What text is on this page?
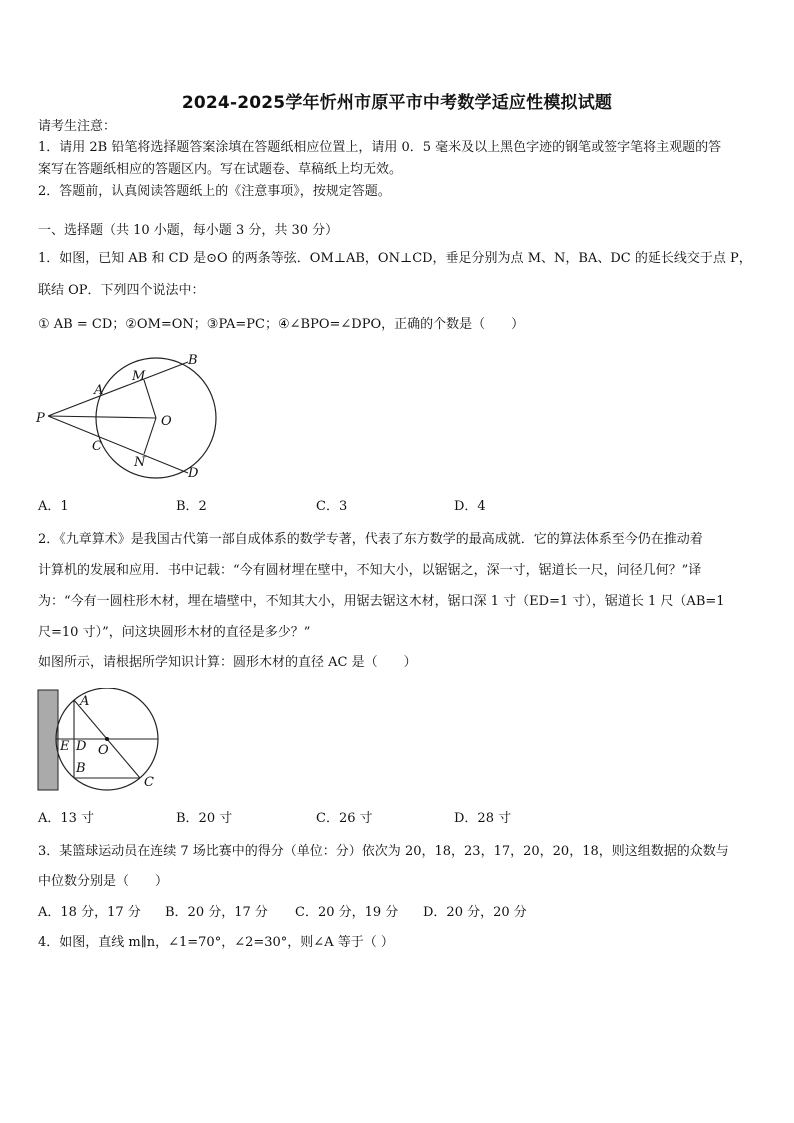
2024-2025学年忻州市原平市中考数学适应性模拟试题
请考生注意：
1．请用 2B 铅笔将选择题答案涂填在答题纸相应位置上，请用 0．5 毫米及以上黑色字迹的钢笔或签字笔将主观题的答
案写在答题纸相应的答题区内。写在试题卷、草稿纸上均无效。
2．答题前，认真阅读答题纸上的《注意事项》，按规定答题。
一、选择题（共 10 小题，每小题 3 分，共 30 分）
1．如图，已知 AB 和 CD 是⊙O 的两条等弦．OM⊥AB，ON⊥CD，垂足分别为点 M、N，BA、DC 的延长线交于点 P，
联结 OP．下列四个说法中：
① AB = CD；②OM=ON；③PA=PC；④∠BPO=∠DPO，正确的个数是（　　）
P
A
B
C
D
M
N
O
A．1	B．2	C．3	D．4
2．《九章算术》是我国古代第一部自成体系的数学专著，代表了东方数学的最高成就．它的算法体系至今仍在推动着
计算机的发展和应用．书中记载：“今有圆材埋在壁中，不知大小，以锯锯之，深一寸，锯道长一尺，问径几何？”译
为：“今有一圆柱形木材，埋在墙壁中，不知其大小，用锯去锯这木材，锯口深 1 寸（ED=1 寸），锯道长 1 尺（AB=1
尺=10 寸）”，问这块圆形木材的直径是多少？”
如图所示，请根据所学知识计算：圆形木材的直径 AC 是（　　）
A
E D O
B
C
A．13 寸	B．20 寸	C．26 寸	D．28 寸
3．某篮球运动员在连续 7 场比赛中的得分（单位：分）依次为 20，18，23，17，20，20，18，则这组数据的众数与
中位数分别是（　　）
A．18 分，17 分	B．20 分，17 分	C．20 分，19 分	D．20 分，20 分
4．如图，直线 m∥n，∠1=70°，∠2=30°，则∠A 等于（ ）
